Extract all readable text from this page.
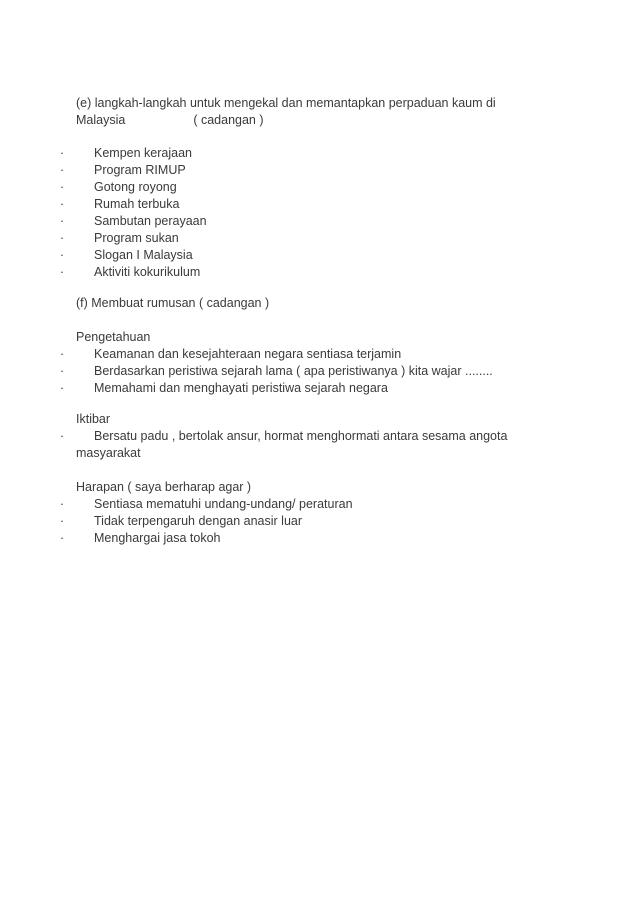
(e) langkah-langkah untuk mengekal dan memantapkan perpaduan kaum di
Malaysia	( cadangan )
· Kempen kerajaan
· Program RIMUP
· Gotong royong
· Rumah terbuka
· Sambutan perayaan
· Program sukan
· Slogan I Malaysia
· Aktiviti kokurikulum
(f) Membuat rumusan ( cadangan )
Pengetahuan
· Keamanan dan kesejahteraan negara sentiasa terjamin
· Berdasarkan peristiwa sejarah lama ( apa peristiwanya ) kita wajar ........
· Memahami dan menghayati peristiwa sejarah negara
Iktibar
· Bersatu padu , bertolak ansur, hormat menghormati antara sesama angota
masyarakat
Harapan ( saya berharap agar )
· Sentiasa mematuhi undang-undang/ peraturan
· Tidak terpengaruh dengan anasir luar
· Menghargai jasa tokoh
